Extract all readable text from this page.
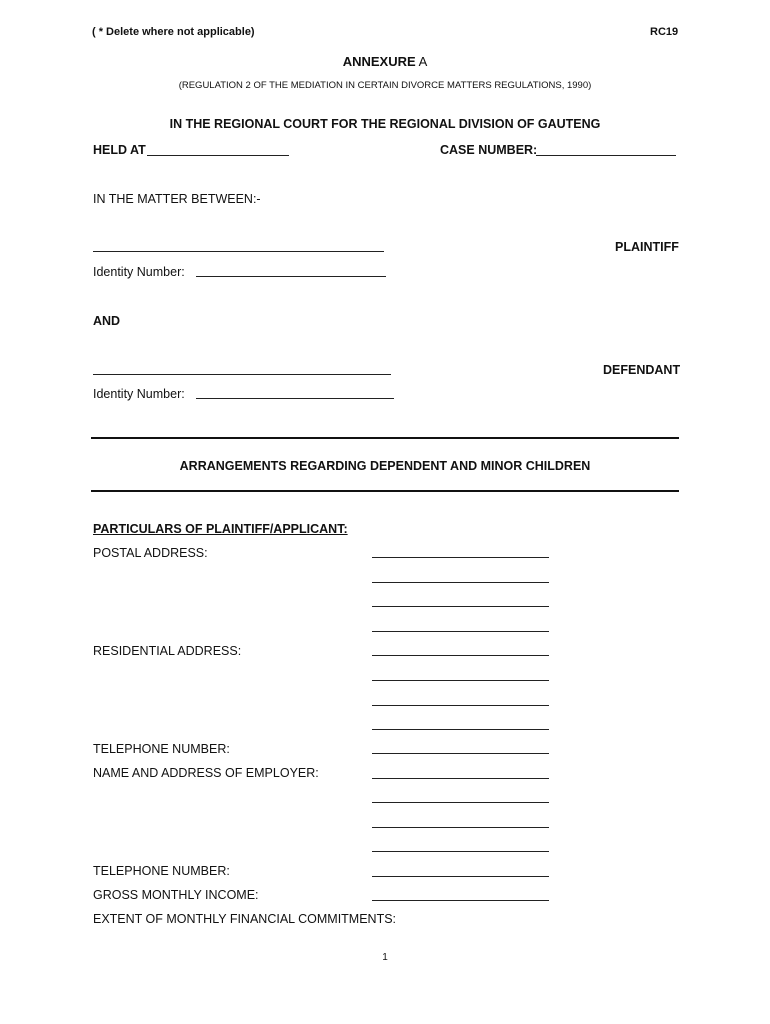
( * Delete where not applicable)	RC19
ANNEXURE A
(REGULATION 2 OF THE MEDIATION IN CERTAIN DIVORCE MATTERS REGULATIONS, 1990)
IN THE REGIONAL COURT FOR THE REGIONAL DIVISION OF GAUTENG
HELD AT	CASE NUMBER:
IN THE MATTER BETWEEN:-
PLAINTIFF
Identity Number:
AND
DEFENDANT
Identity Number:
ARRANGEMENTS REGARDING DEPENDENT AND MINOR CHILDREN
PARTICULARS OF PLAINTIFF/APPLICANT:
POSTAL ADDRESS:
RESIDENTIAL ADDRESS:
TELEPHONE NUMBER:
NAME AND ADDRESS OF EMPLOYER:
TELEPHONE NUMBER:
GROSS MONTHLY INCOME:
EXTENT OF MONTHLY FINANCIAL COMMITMENTS:
1
